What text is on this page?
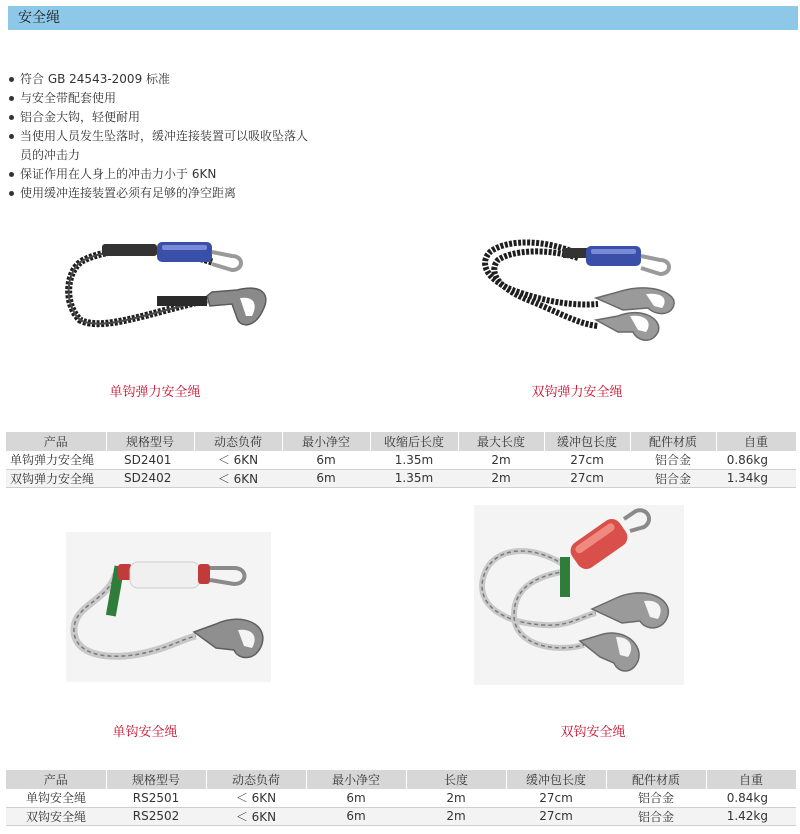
安全绳
符合 GB 24543-2009 标准
与安全带配套使用
铝合金大钩，轻便耐用
当使用人员发生坠落时，缓冲连接装置可以吸收坠落人
员的冲击力
保证作用在人身上的冲击力小于 6KN
使用缓冲连接装置必须有足够的净空距离
单钩弹力安全绳	双钩弹力安全绳
产品	规格型号	动态负荷	最小净空	收缩后长度	最大长度	缓冲包长度	配件材质	自重
单钩弹力安全绳	SD2401	＜ 6KN	6m	1.35m	2m	27cm	铝合金	0.86kg
双钩弹力安全绳	SD2402	＜ 6KN	6m	1.35m	2m	27cm	铝合金	1.34kg
单钩安全绳	双钩安全绳
产品	规格型号	动态负荷	最小净空	长度	缓冲包长度	配件材质	自重
单钩安全绳	RS2501	＜ 6KN	6m	2m	27cm	铝合金	0.84kg
双钩安全绳	RS2502	＜ 6KN	6m	2m	27cm	铝合金	1.42kg
